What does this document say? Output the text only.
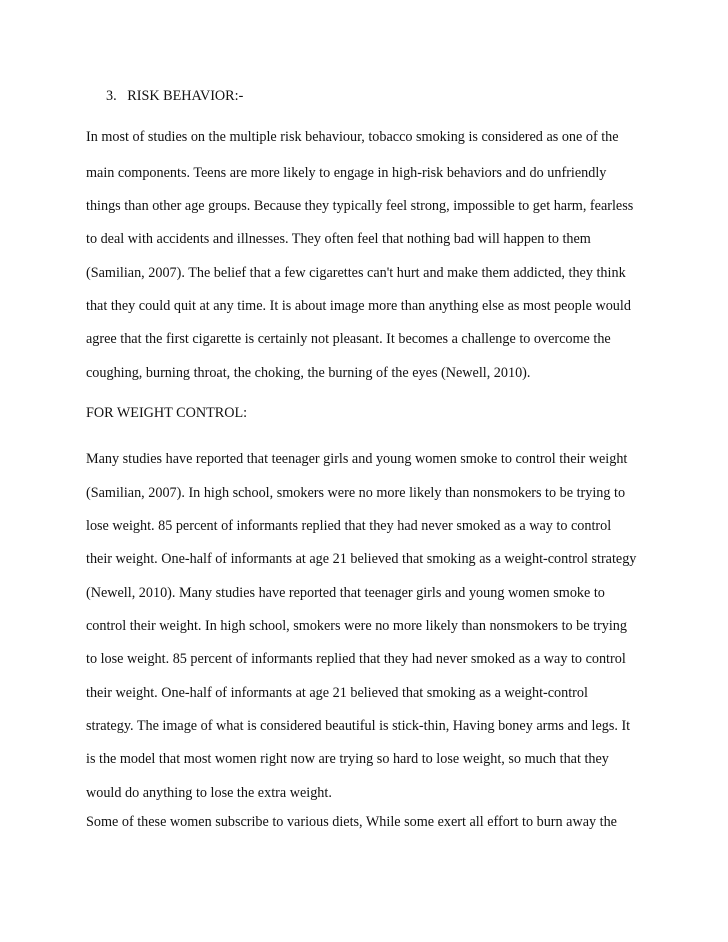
3. RISK BEHAVIOR:-

In most of studies on the multiple risk behaviour, tobacco smoking is considered as one of the

main components. Teens are more likely to engage in high-risk behaviors and do unfriendly

things than other age groups. Because they typically feel strong, impossible to get harm, fearless

to deal with accidents and illnesses. They often feel that nothing bad will happen to them

(Samilian, 2007). The belief that a few cigarettes can't hurt and make them addicted, they think

that they could quit at any time. It is about image more than anything else as most people would

agree that the first cigarette is certainly not pleasant. It becomes a challenge to overcome the

coughing, burning throat, the choking, the burning of the eyes (Newell, 2010).

FOR WEIGHT CONTROL:

Many studies have reported that teenager girls and young women smoke to control their weight

(Samilian, 2007). In high school, smokers were no more likely than nonsmokers to be trying to

lose weight. 85 percent of informants replied that they had never smoked as a way to control

their weight. One-half of informants at age 21 believed that smoking as a weight-control strategy

(Newell, 2010). Many studies have reported that teenager girls and young women smoke to

control their weight. In high school, smokers were no more likely than nonsmokers to be trying

to lose weight. 85 percent of informants replied that they had never smoked as a way to control

their weight. One-half of informants at age 21 believed that smoking as a weight-control

strategy. The image of what is considered beautiful is stick-thin, Having boney arms and legs. It

is the model that most women right now are trying so hard to lose weight, so much that they

would do anything to lose the extra weight.

Some of these women subscribe to various diets, While some exert all effort to burn away the
